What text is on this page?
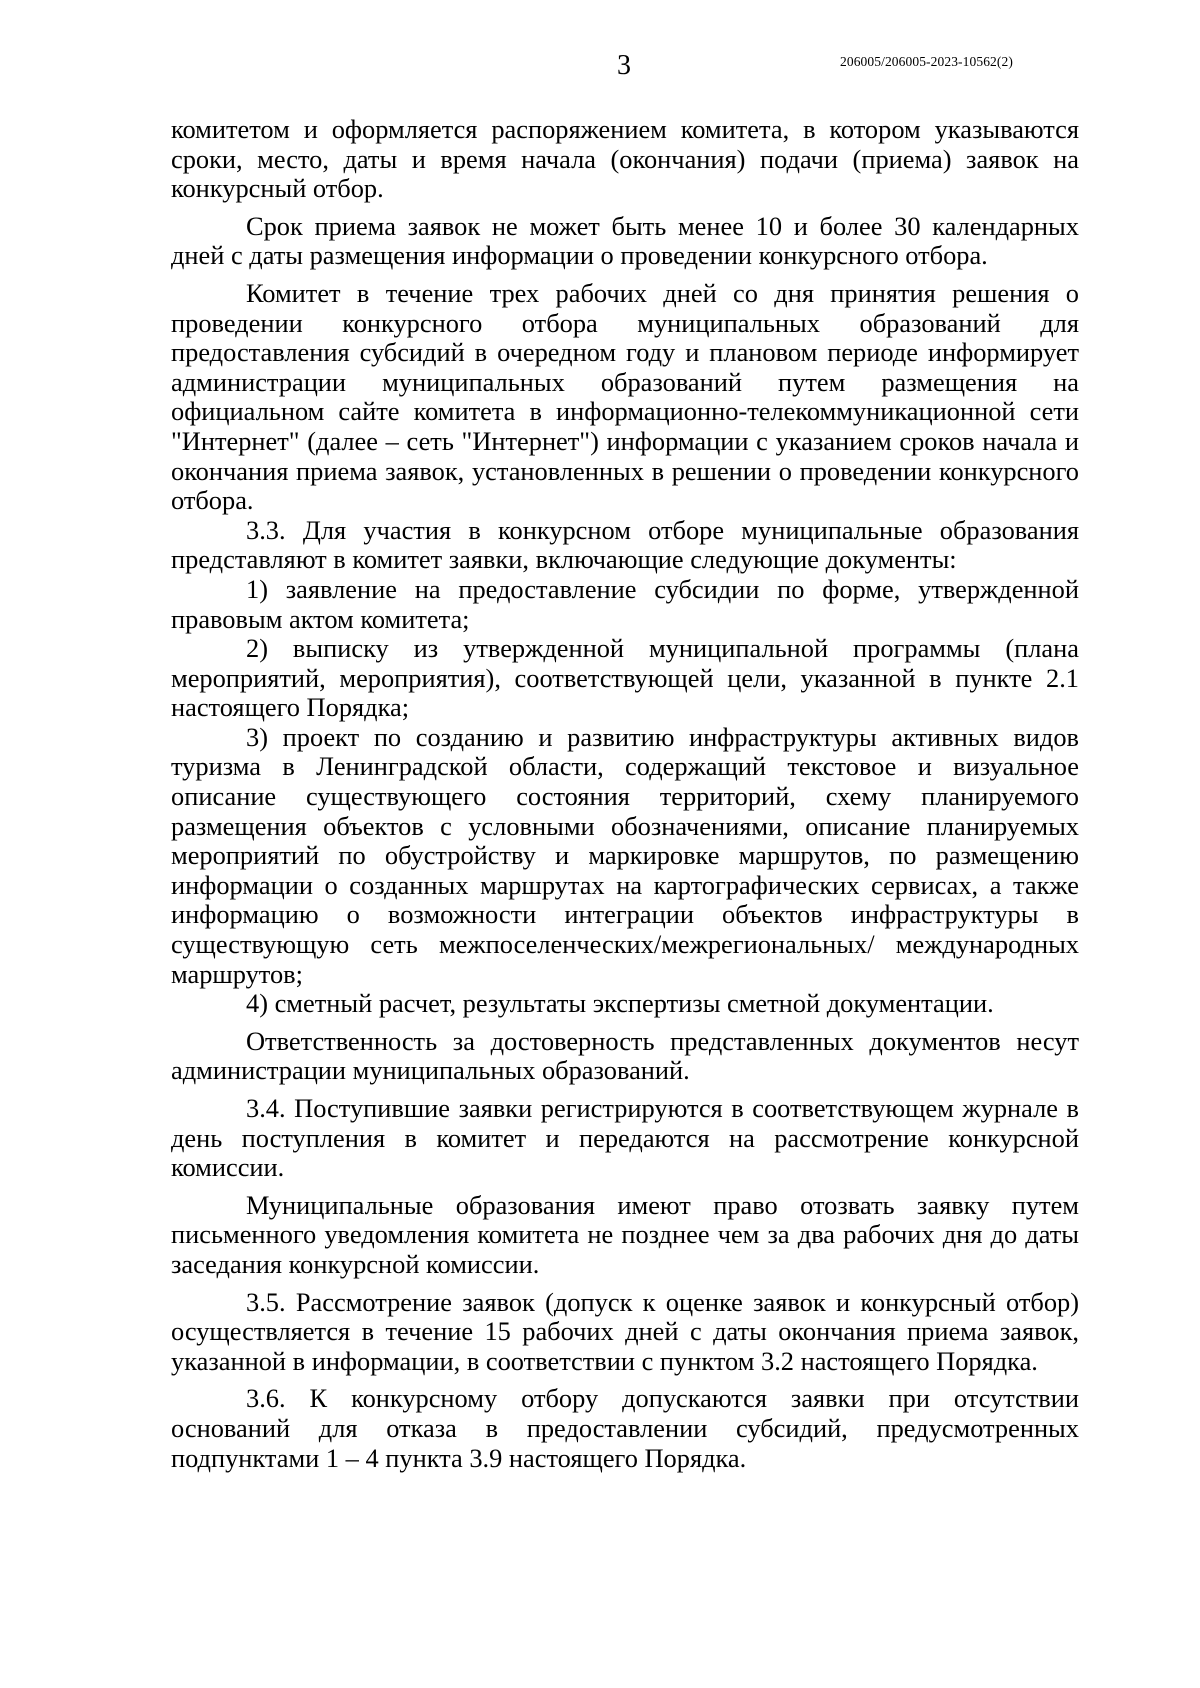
3	206005/206005-2023-10562(2)

комитетом и оформляется распоряжением комитета, в котором указываются сроки, место, даты и время начала (окончания) подачи (приема) заявок на конкурсный отбор.

Срок приема заявок не может быть менее 10 и более 30 календарных дней с даты размещения информации о проведении конкурсного отбора.

Комитет в течение трех рабочих дней со дня принятия решения о проведении конкурсного отбора муниципальных образований для предоставления субсидий в очередном году и плановом периоде информирует администрации муниципальных образований путем размещения на официальном сайте комитета в информационно-телекоммуникационной сети "Интернет" (далее – сеть "Интернет") информации с указанием сроков начала и окончания приема заявок, установленных в решении о проведении конкурсного отбора.

3.3. Для участия в конкурсном отборе муниципальные образования представляют в комитет заявки, включающие следующие документы:

1) заявление на предоставление субсидии по форме, утвержденной правовым актом комитета;

2) выписку из утвержденной муниципальной программы (плана мероприятий, мероприятия), соответствующей цели, указанной в пункте 2.1 настоящего Порядка;

3) проект по созданию и развитию инфраструктуры активных видов туризма в Ленинградской области, содержащий текстовое и визуальное описание существующего состояния территорий, схему планируемого размещения объектов с условными обозначениями, описание планируемых мероприятий по обустройству и маркировке маршрутов, по размещению информации о созданных маршрутах на картографических сервисах, а также информацию о возможности интеграции объектов инфраструктуры в существующую сеть межпоселенческих/межрегиональных/ международных маршрутов;

4) сметный расчет, результаты экспертизы сметной документации.

Ответственность за достоверность представленных документов несут администрации муниципальных образований.

3.4. Поступившие заявки регистрируются в соответствующем журнале в день поступления в комитет и передаются на рассмотрение конкурсной комиссии.

Муниципальные образования имеют право отозвать заявку путем письменного уведомления комитета не позднее чем за два рабочих дня до даты заседания конкурсной комиссии.

3.5. Рассмотрение заявок (допуск к оценке заявок и конкурсный отбор) осуществляется в течение 15 рабочих дней с даты окончания приема заявок, указанной в информации, в соответствии с пунктом 3.2 настоящего Порядка.

3.6. К конкурсному отбору допускаются заявки при отсутствии оснований для отказа в предоставлении субсидий, предусмотренных подпунктами 1 – 4 пункта 3.9 настоящего Порядка.
